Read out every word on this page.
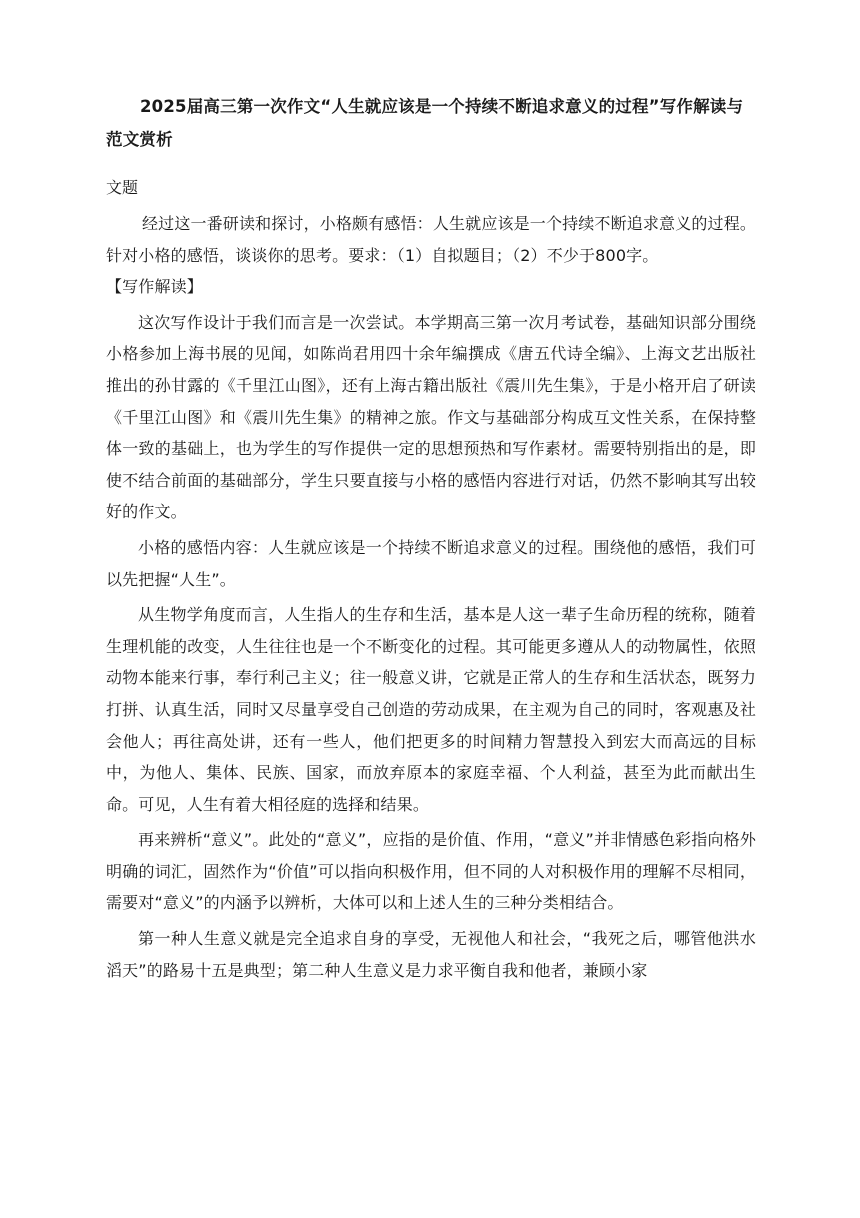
2025届高三第一次作文“人生就应该是一个持续不断追求意义的过程”写作解读与范文赏析

文题

经过这一番研读和探讨，小格颇有感悟：人生就应该是一个持续不断追求意义的过程。针对小格的感悟，谈谈你的思考。要求：（1）自拟题目；（2）不少于800字。

【写作解读】

这次写作设计于我们而言是一次尝试。本学期高三第一次月考试卷，基础知识部分围绕小格参加上海书展的见闻，如陈尚君用四十余年编撰成《唐五代诗全编》、上海文艺出版社推出的孙甘露的《千里江山图》，还有上海古籍出版社《震川先生集》，于是小格开启了研读《千里江山图》和《震川先生集》的精神之旅。作文与基础部分构成互文性关系，在保持整体一致的基础上，也为学生的写作提供一定的思想预热和写作素材。需要特别指出的是，即使不结合前面的基础部分，学生只要直接与小格的感悟内容进行对话，仍然不影响其写出较好的作文。

小格的感悟内容：人生就应该是一个持续不断追求意义的过程。围绕他的感悟，我们可以先把握“人生”。

从生物学角度而言，人生指人的生存和生活，基本是人这一辈子生命历程的统称，随着生理机能的改变，人生往往也是一个不断变化的过程。其可能更多遵从人的动物属性，依照动物本能来行事，奉行利己主义；往一般意义讲，它就是正常人的生存和生活状态，既努力打拼、认真生活，同时又尽量享受自己创造的劳动成果，在主观为自己的同时，客观惠及社会他人；再往高处讲，还有一些人，他们把更多的时间精力智慧投入到宏大而高远的目标中，为他人、集体、民族、国家，而放弃原本的家庭幸福、个人利益，甚至为此而献出生命。可见，人生有着大相径庭的选择和结果。

再来辨析“意义”。此处的“意义”，应指的是价值、作用，“意义”并非情感色彩指向格外明确的词汇，固然作为“价值”可以指向积极作用，但不同的人对积极作用的理解不尽相同，需要对“意义”的内涵予以辨析，大体可以和上述人生的三种分类相结合。

第一种人生意义就是完全追求自身的享受，无视他人和社会，“我死之后，哪管他洪水滔天”的路易十五是典型；第二种人生意义是力求平衡自我和他者，兼顾小家
